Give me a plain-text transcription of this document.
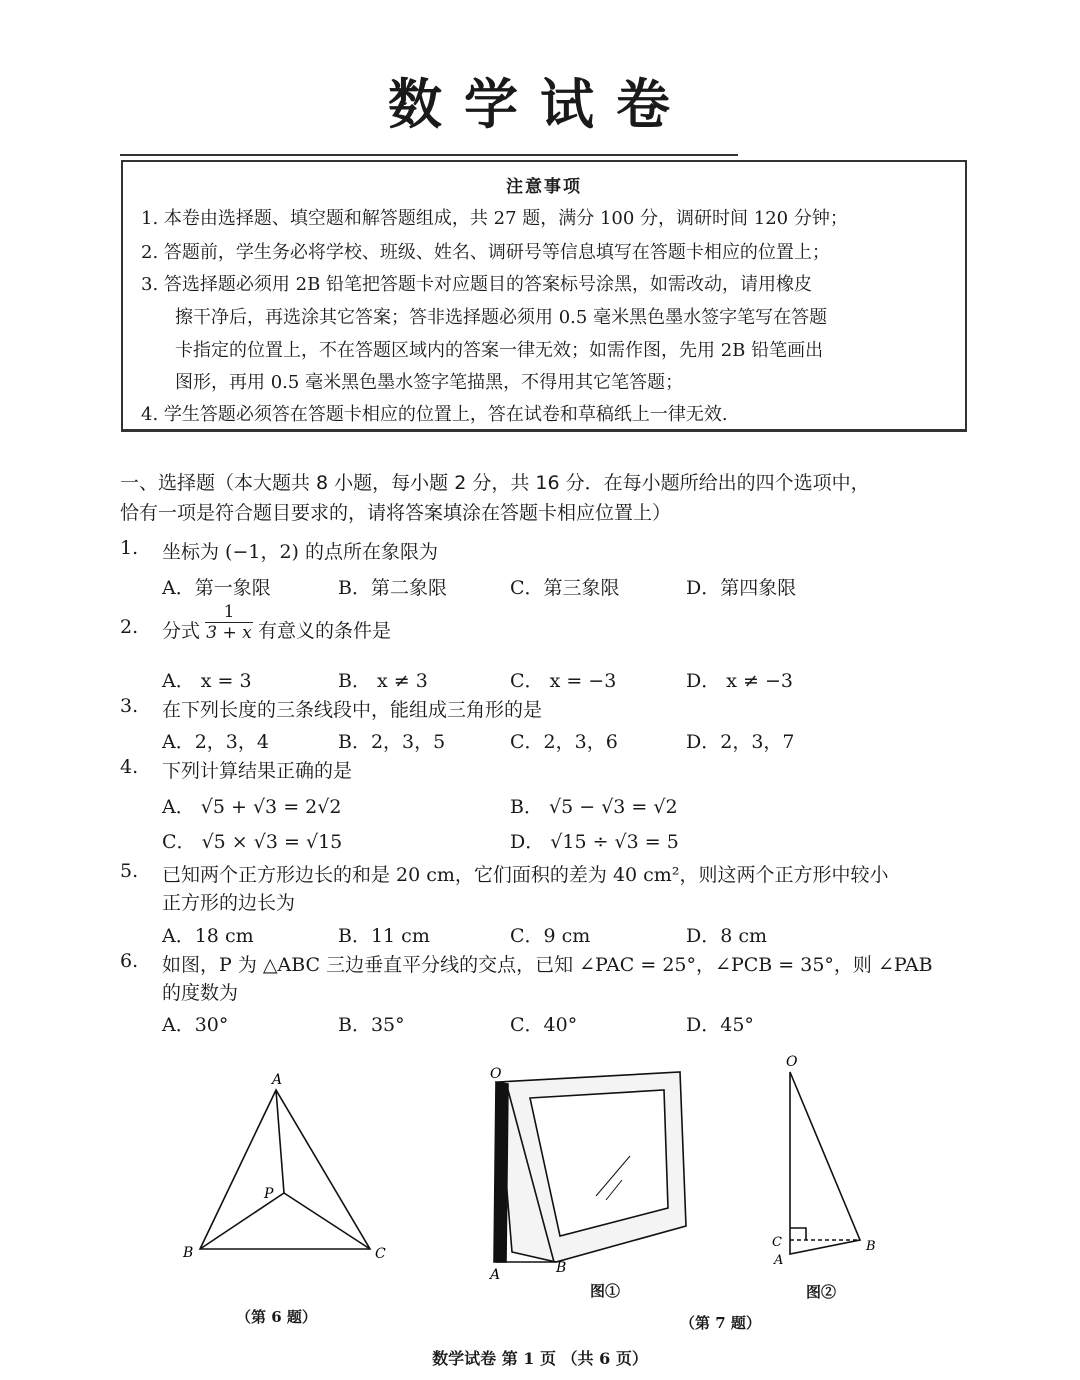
数学试卷
注意事项
1. 本卷由选择题、填空题和解答题组成，共 27 题，满分 100 分，调研时间 120 分钟；
2. 答题前，学生务必将学校、班级、姓名、调研号等信息填写在答题卡相应的位置上；
3. 答选择题必须用 2B 铅笔把答题卡对应题目的答案标号涂黑，如需改动，请用橡皮
擦干净后，再选涂其它答案；答非选择题必须用 0.5 毫米黑色墨水签字笔写在答题
卡指定的位置上，不在答题区域内的答案一律无效；如需作图，先用 2B 铅笔画出
图形，再用 0.5 毫米黑色墨水签字笔描黑，不得用其它笔答题；
4. 学生答题必须答在答题卡相应的位置上，答在试卷和草稿纸上一律无效.
一、选择题（本大题共 8 小题，每小题 2 分，共 16 分．在每小题所给出的四个选项中，
恰有一项是符合题目要求的，请将答案填涂在答题卡相应位置上）
1. 坐标为 (−1，2) 的点所在象限为
A．第一象限	B．第二象限	C．第三象限	D．第四象限
2. 分式 $\frac{1}{3 + x}$ 有意义的条件是
A． x = 3	B． x ≠ 3	C． x = −3	D． x ≠ −3
3. 在下列长度的三条线段中，能组成三角形的是
A．2，3，4	B．2，3，5	C．2，3，6	D．2，3，7
4. 下列计算结果正确的是
A． √5 + √3 = 2√2	B． √5 − √3 = √2
C． √5 × √3 = √15	D． √15 ÷ √3 = 5
5. 已知两个正方形边长的和是 20 cm，它们面积的差为 40 cm²，则这两个正方形中较小
正方形的边长为
A．18 cm	B．11 cm	C．9 cm	D．8 cm
6. 如图，P 为 △ABC 三边垂直平分线的交点，已知 ∠PAC = 25°，∠PCB = 35°，则 ∠PAB
的度数为
A．30°	B．35°	C．40°	D．45°
A
B	C
P
O
A	B
O
C
A
B
图①	图②
（第 6 题）	（第 7 题）
数学试卷 第 1 页 （共 6 页）
